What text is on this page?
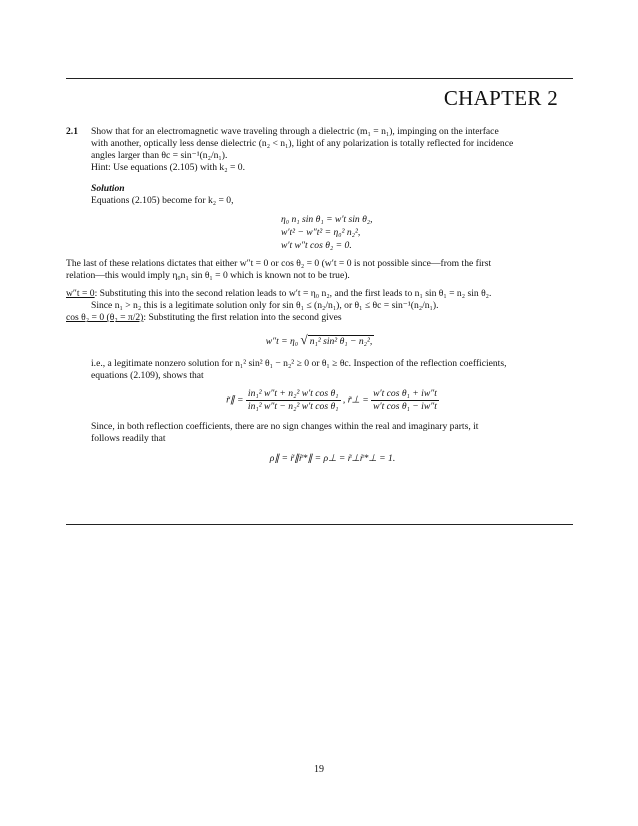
CHAPTER 2
2.1 Show that for an electromagnetic wave traveling through a dielectric (m₁ = n₁), impinging on the interface

with another, optically less dense dielectric (n₂ < n₁), light of any polarization is totally reflected for incidence

angles larger than θc = sin⁻¹(n₂/n₁).

Hint: Use equations (2.105) with k₂ = 0.

Solution

Equations (2.105) become for k₂ = 0,

η₀ n₁ sin θ₁ = w′t sin θ₂,
w′t² − w″t² = η₀² n₂²,
w′t w″t cos θ₂ = 0.

The last of these relations dictates that either w″t = 0 or cos θ₂ = 0 (w′t = 0 is not possible since—from the first

relation—this would imply η₀n₁ sin θ₁ = 0 which is known not to be true).

w″t = 0: Substituting this into the second relation leads to w′t = η₀ n₂, and the first leads to n₁ sin θ₁ = n₂ sin θ₂.

Since n₁ > n₂ this is a legitimate solution only for sin θ₁ ≤ (n₂/n₁), or θ₁ ≤ θc = sin⁻¹(n₂/n₁).

cos θ₂ = 0 (θ₂ = π/2): Substituting the first relation into the second gives

w″t = η₀ √ n₁² sin² θ₁ − n₂²,

i.e., a legitimate nonzero solution for n₁² sin² θ₁ − n₂² ≥ 0 or θ₁ ≥ θc. Inspection of the reflection coefficients,

equations (2.109), shows that

r̃∥ = $\frac{\text{in₁² w″t + n₂² w′t cos θ₁}}{\text{in₁² w″t − n₂² w′t cos θ₁}}$ , r̃⊥ = $\frac{\text{w′t cos θ₁ + iw″t}}{\text{w′t cos θ₁ − iw″t}}$

Since, in both reflection coefficients, there are no sign changes within the real and imaginary parts, it

follows readily that

ρ∥ = r̃∥r̃*∥ = ρ⊥ = r̃⊥r̃*⊥ = 1.
19
